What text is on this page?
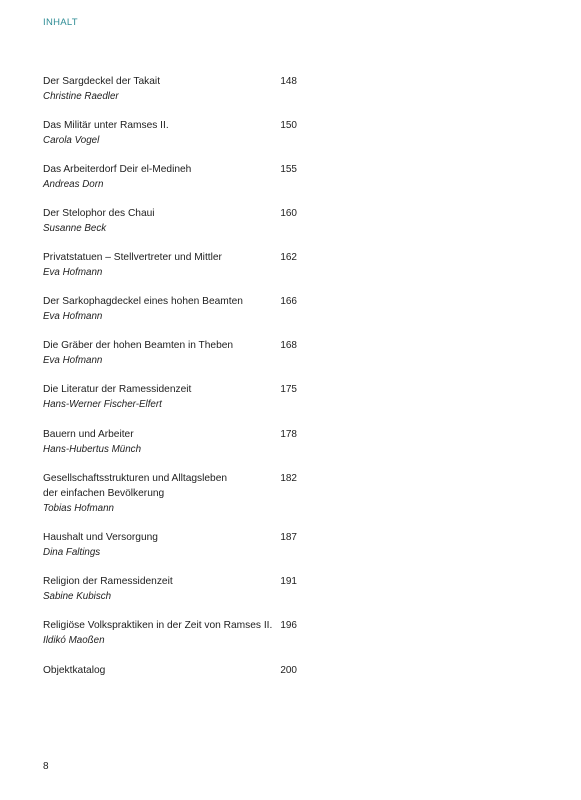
INHALT
Der Sargdeckel der Takait
Christine Raedler
148
Das Militär unter Ramses II.
Carola Vogel
150
Das Arbeiterdorf Deir el-Medineh
Andreas Dorn
155
Der Stelophor des Chaui
Susanne Beck
160
Privatstatuen – Stellvertreter und Mittler
Eva Hofmann
162
Der Sarkophagdeckel eines hohen Beamten
Eva Hofmann
166
Die Gräber der hohen Beamten in Theben
Eva Hofmann
168
Die Literatur der Ramessidenzeit
Hans-Werner Fischer-Elfert
175
Bauern und Arbeiter
Hans-Hubertus Münch
178
Gesellschaftsstrukturen und Alltagsleben
der einfachen Bevölkerung
Tobias Hofmann
182
Haushalt und Versorgung
Dina Faltings
187
Religion der Ramessidenzeit
Sabine Kubisch
191
Religiöse Volkspraktiken in der Zeit von Ramses II.
Ildikó Maoßen
196
Objektkatalog	200
8
